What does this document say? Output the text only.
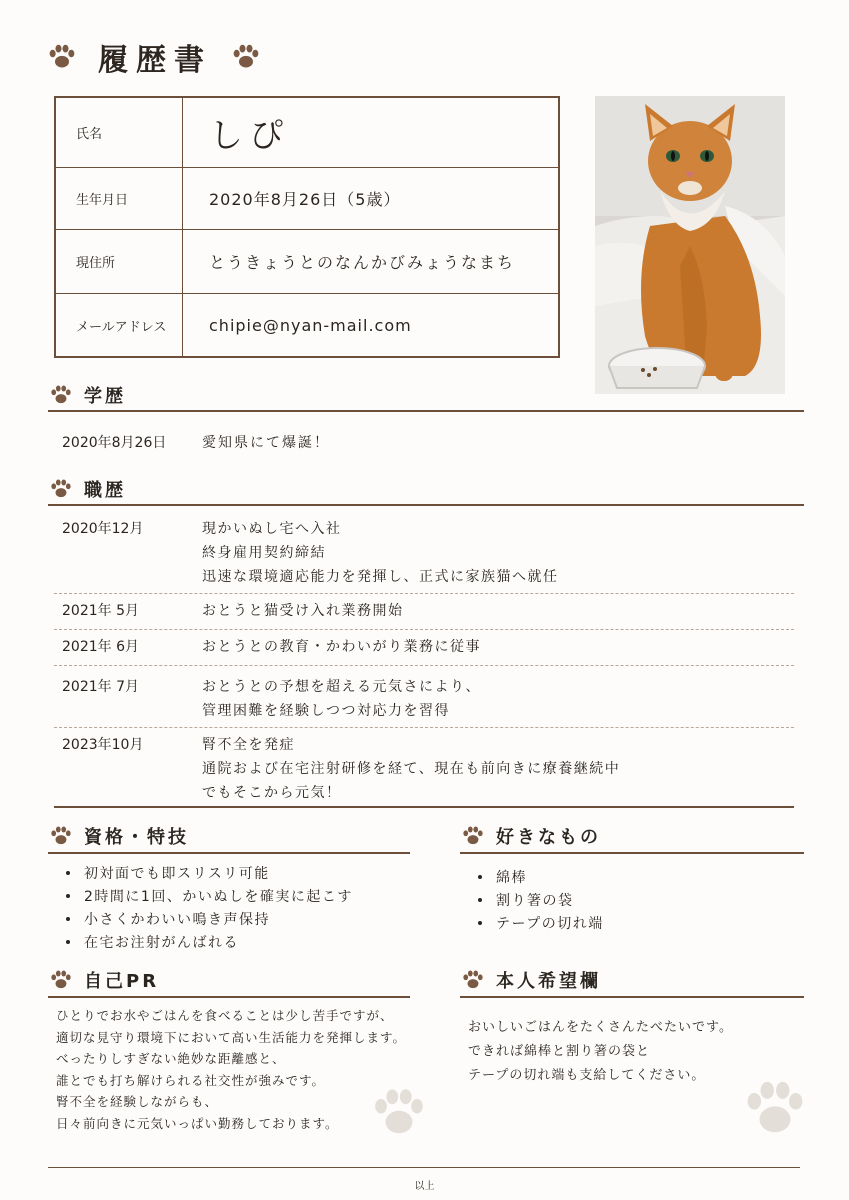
履歴書
氏名	しぴ
生年月日	2020年8月26日（5歳）
現住所	とうきょうとのなんかびみょうなまち
メールアドレス	chipie@nyan-mail.com
学歴
2020年8月26日	愛知県にて爆誕！
職歴
2020年12月	現かいぬし宅へ入社
終身雇用契約締結
迅速な環境適応能力を発揮し、正式に家族猫へ就任
2021年 5月	おとうと猫受け入れ業務開始
2021年 6月	おとうとの教育・かわいがり業務に従事
2021年 7月	おとうとの予想を超える元気さにより、
管理困難を経験しつつ対応力を習得
2023年10月	腎不全を発症
通院および在宅注射研修を経て、現在も前向きに療養継続中
でもそこから元気！
資格・特技
初対面でも即スリスリ可能
2時間に1回、かいぬしを確実に起こす
小さくかわいい鳴き声保持
在宅お注射がんばれる
好きなもの
綿棒
割り箸の袋
テープの切れ端
自己PR
ひとりでお水やごはんを食べることは少し苦手ですが、
適切な見守り環境下において高い生活能力を発揮します。
べったりしすぎない絶妙な距離感と、
誰とでも打ち解けられる社交性が強みです。
腎不全を経験しながらも、
日々前向きに元気いっぱい勤務しております。
本人希望欄
おいしいごはんをたくさんたべたいです。
できれば綿棒と割り箸の袋と
テープの切れ端も支給してください。
以上
